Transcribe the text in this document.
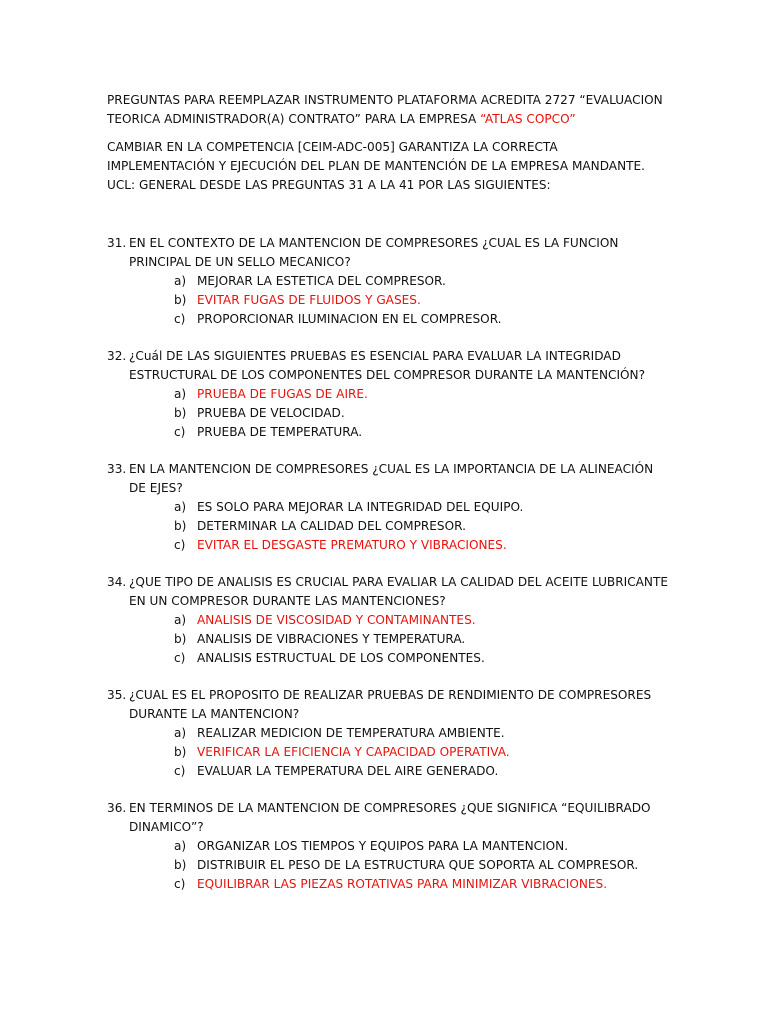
PREGUNTAS PARA REEMPLAZAR INSTRUMENTO PLATAFORMA ACREDITA 2727 “EVALUACION TEORICA ADMINISTRADOR(A) CONTRATO” PARA LA EMPRESA “ATLAS COPCO”

CAMBIAR EN LA COMPETENCIA [CEIM-ADC-005] GARANTIZA LA CORRECTA IMPLEMENTACIÓN Y EJECUCIÓN DEL PLAN DE MANTENCIÓN DE LA EMPRESA MANDANTE. UCL: GENERAL DESDE LAS PREGUNTAS 31 A LA 41 POR LAS SIGUIENTES:

31. EN EL CONTEXTO DE LA MANTENCION DE COMPRESORES ¿CUAL ES LA FUNCION PRINCIPAL DE UN SELLO MECANICO?
a) MEJORAR LA ESTETICA DEL COMPRESOR.
b) EVITAR FUGAS DE FLUIDOS Y GASES.
c) PROPORCIONAR ILUMINACION EN EL COMPRESOR.
32. ¿Cuál DE LAS SIGUIENTES PRUEBAS ES ESENCIAL PARA EVALUAR LA INTEGRIDAD ESTRUCTURAL DE LOS COMPONENTES DEL COMPRESOR DURANTE LA MANTENCIÓN?
a) PRUEBA DE FUGAS DE AIRE.
b) PRUEBA DE VELOCIDAD.
c) PRUEBA DE TEMPERATURA.
33. EN LA MANTENCION DE COMPRESORES ¿CUAL ES LA IMPORTANCIA DE LA ALINEACIÓN DE EJES?
a) ES SOLO PARA MEJORAR LA INTEGRIDAD DEL EQUIPO.
b) DETERMINAR LA CALIDAD DEL COMPRESOR.
c) EVITAR EL DESGASTE PREMATURO Y VIBRACIONES.
34. ¿QUE TIPO DE ANALISIS ES CRUCIAL PARA EVALIAR LA CALIDAD DEL ACEITE LUBRICANTE EN UN COMPRESOR DURANTE LAS MANTENCIONES?
a) ANALISIS DE VISCOSIDAD Y CONTAMINANTES.
b) ANALISIS DE VIBRACIONES Y TEMPERATURA.
c) ANALISIS ESTRUCTUAL DE LOS COMPONENTES.
35. ¿CUAL ES EL PROPOSITO DE REALIZAR PRUEBAS DE RENDIMIENTO DE COMPRESORES DURANTE LA MANTENCION?
a) REALIZAR MEDICION DE TEMPERATURA AMBIENTE.
b) VERIFICAR LA EFICIENCIA Y CAPACIDAD OPERATIVA.
c) EVALUAR LA TEMPERATURA DEL AIRE GENERADO.
36. EN TERMINOS DE LA MANTENCION DE COMPRESORES ¿QUE SIGNIFICA “EQUILIBRADO DINAMICO”?
a) ORGANIZAR LOS TIEMPOS Y EQUIPOS PARA LA MANTENCION.
b) DISTRIBUIR EL PESO DE LA ESTRUCTURA QUE SOPORTA AL COMPRESOR.
c) EQUILIBRAR LAS PIEZAS ROTATIVAS PARA MINIMIZAR VIBRACIONES.
